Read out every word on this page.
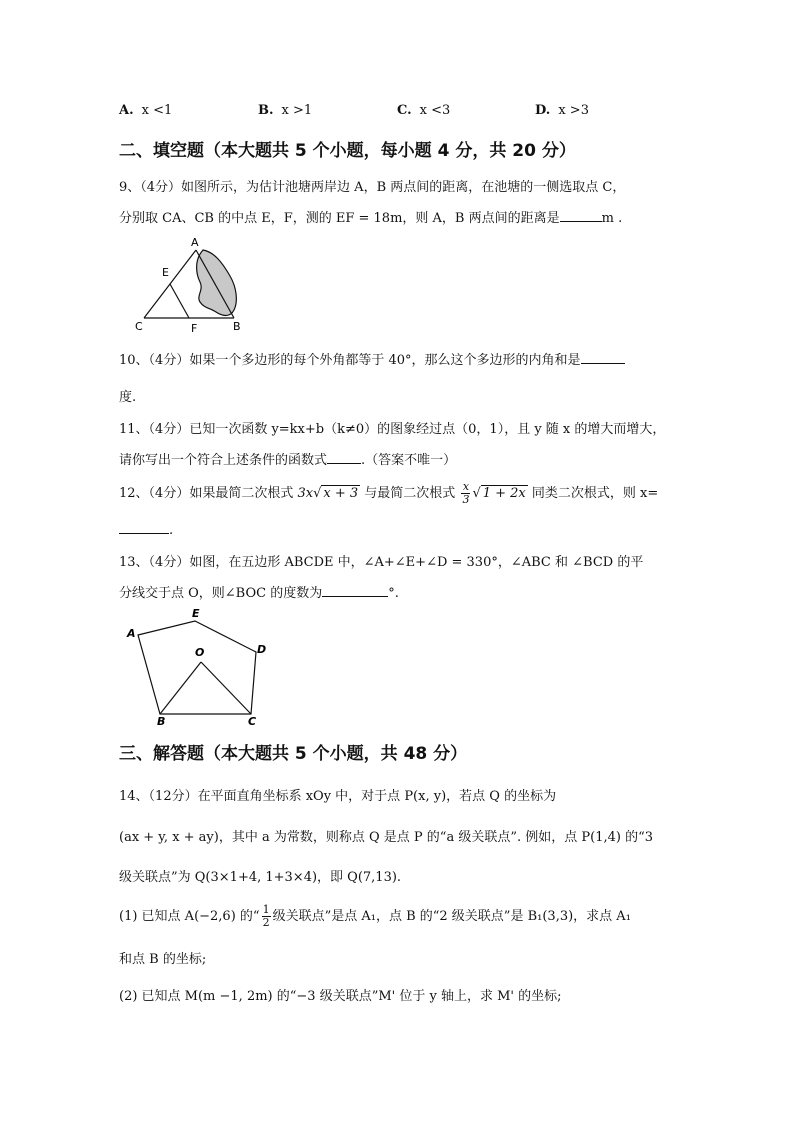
A. x <1	B. x >1	C. x <3	D. x >3
二、填空题（本大题共 5 个小题，每小题 4 分，共 20 分）
9、（4分）如图所示，为估计池塘两岸边 A，B 两点间的距离，在池塘的一侧选取点 C，
分别取 CA、CB 的中点 E，F，测的 EF = 18m，则 A，B 两点间的距离是	m .
A
E
C	F	B
10、（4分）如果一个多边形的每个外角都等于 40°，那么这个多边形的内角和是
度.
11、（4分）已知一次函数 y=kx+b（k≠0）的图象经过点（0，1），且 y 随 x 的增大而增大，
请你写出一个符合上述条件的函数式	.（答案不唯一）
12、（4分）如果最简二次根式 3x√ x + 3 与最简二次根式 $\frac{x}{3}$ √ 1 + 2x 同类二次根式，则 x=
.
13、（4分）如图，在五边形 ABCDE 中，∠A+∠E+∠D = 330°，∠ABC 和 ∠BCD 的平
分线交于点 O，则∠BOC 的度数为	°.
A
E
D
O
B	C
三、解答题（本大题共 5 个小题，共 48 分）
14、（12分）在平面直角坐标系 xOy 中，对于点 P(x, y)，若点 Q 的坐标为
(ax + y, x + ay)，其中 a 为常数，则称点 Q 是点 P 的“a 级关联点”. 例如，点 P(1,4) 的“3
级关联点”为 Q(3×1+4, 1+3×4)，即 Q(7,13).
(1) 已知点 A(−2,6) 的“ $\frac{1}{2}$ 级关联点”是点 A₁，点 B 的“2 级关联点”是 B₁(3,3)，求点 A₁
和点 B 的坐标;
(2) 已知点 M(m −1, 2m) 的“−3 级关联点”M' 位于 y 轴上，求 M' 的坐标;
